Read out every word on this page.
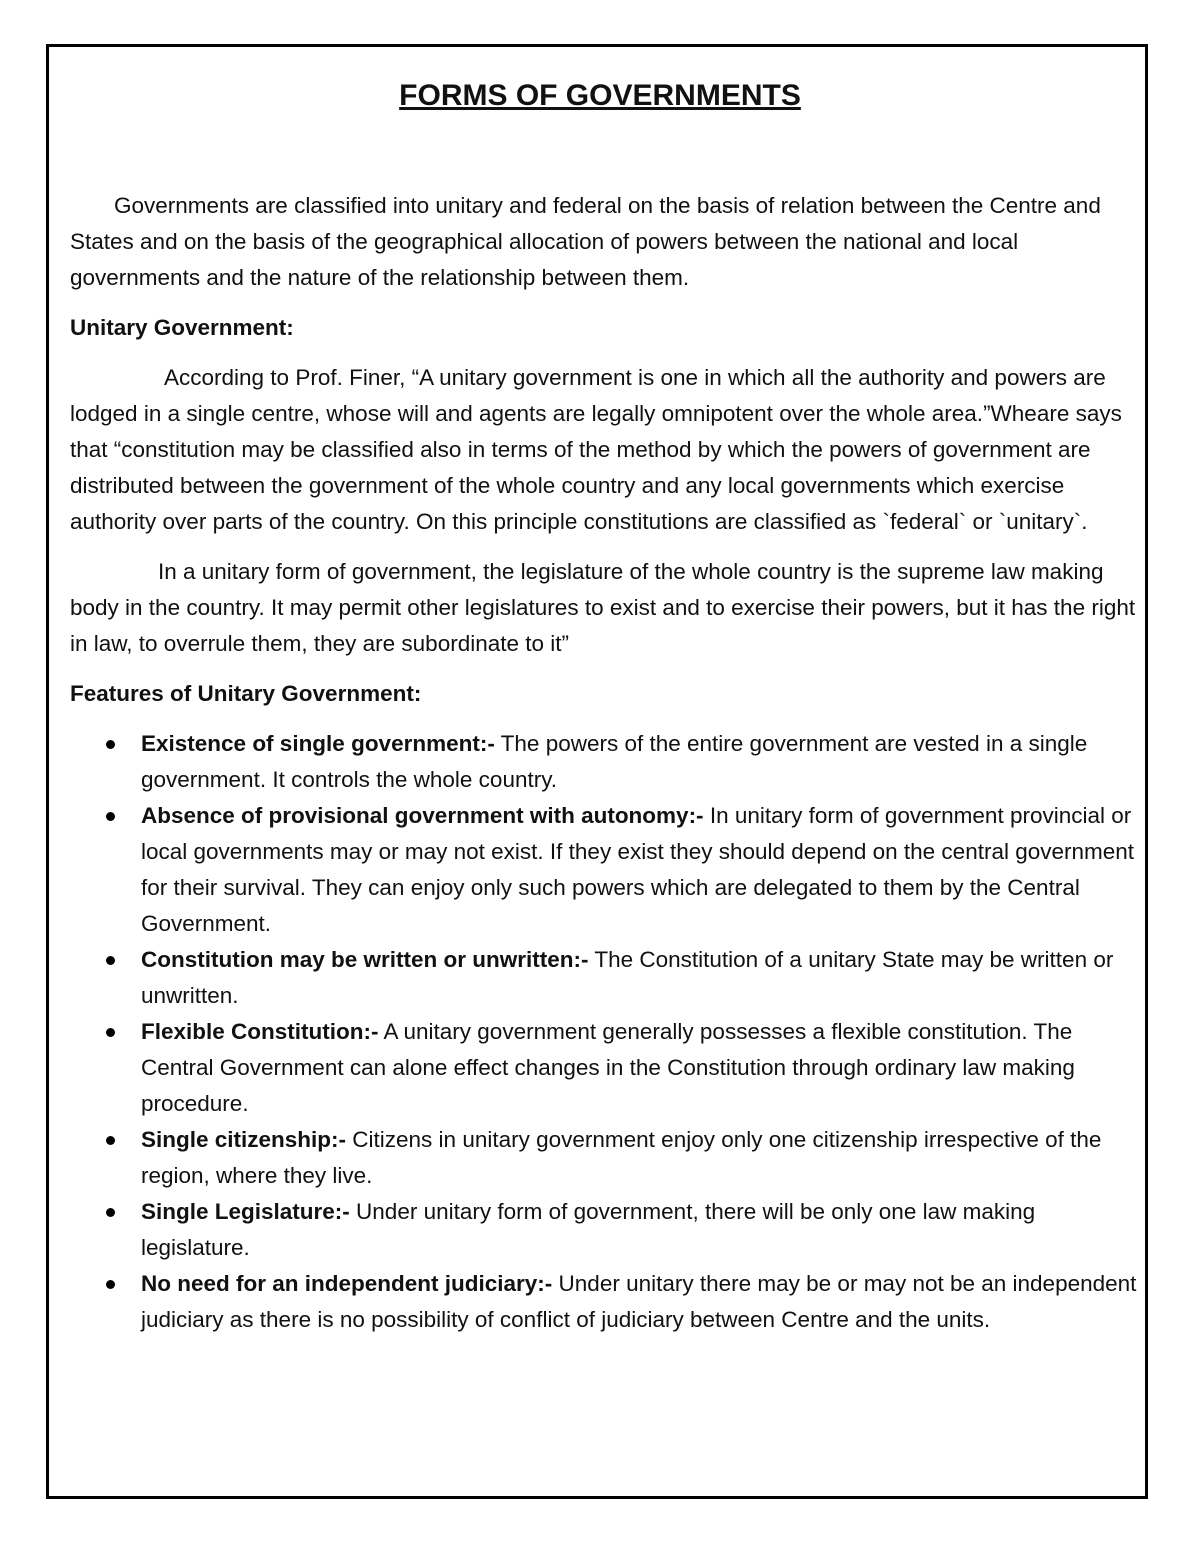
FORMS OF GOVERNMENTS

Governments are classified into unitary and federal on the basis of relation between the Centre and States and on the basis of the geographical allocation of powers between the national and local governments and the nature of the relationship between them.

Unitary Government:

According to Prof. Finer, “A unitary government is one in which all the authority and powers are lodged in a single centre, whose will and agents are legally omnipotent over the whole area.”Wheare says that “constitution may be classified also in terms of the method by which the powers of government are distributed between the government of the whole country and any local governments which exercise authority over parts of the country. On this principle constitutions are classified as `federal` or `unitary`.

In a unitary form of government, the legislature of the whole country is the supreme law making body in the country. It may permit other legislatures to exist and to exercise their powers, but it has the right in law, to overrule them, they are subordinate to it”

Features of Unitary Government:

Existence of single government:- The powers of the entire government are vested in a single government. It controls the whole country.
Absence of provisional government with autonomy:- In unitary form of government provincial or local governments may or may not exist. If they exist they should depend on the central government for their survival. They can enjoy only such powers which are delegated to them by the Central Government.
Constitution may be written or unwritten:- The Constitution of a unitary State may be written or unwritten.
Flexible Constitution:- A unitary government generally possesses a flexible constitution. The Central Government can alone effect changes in the Constitution through ordinary law making procedure.
Single citizenship:- Citizens in unitary government enjoy only one citizenship irrespective of the region, where they live.
Single Legislature:- Under unitary form of government, there will be only one law making legislature.
No need for an independent judiciary:- Under unitary there may be or may not be an independent judiciary as there is no possibility of conflict of judiciary between Centre and the units.
